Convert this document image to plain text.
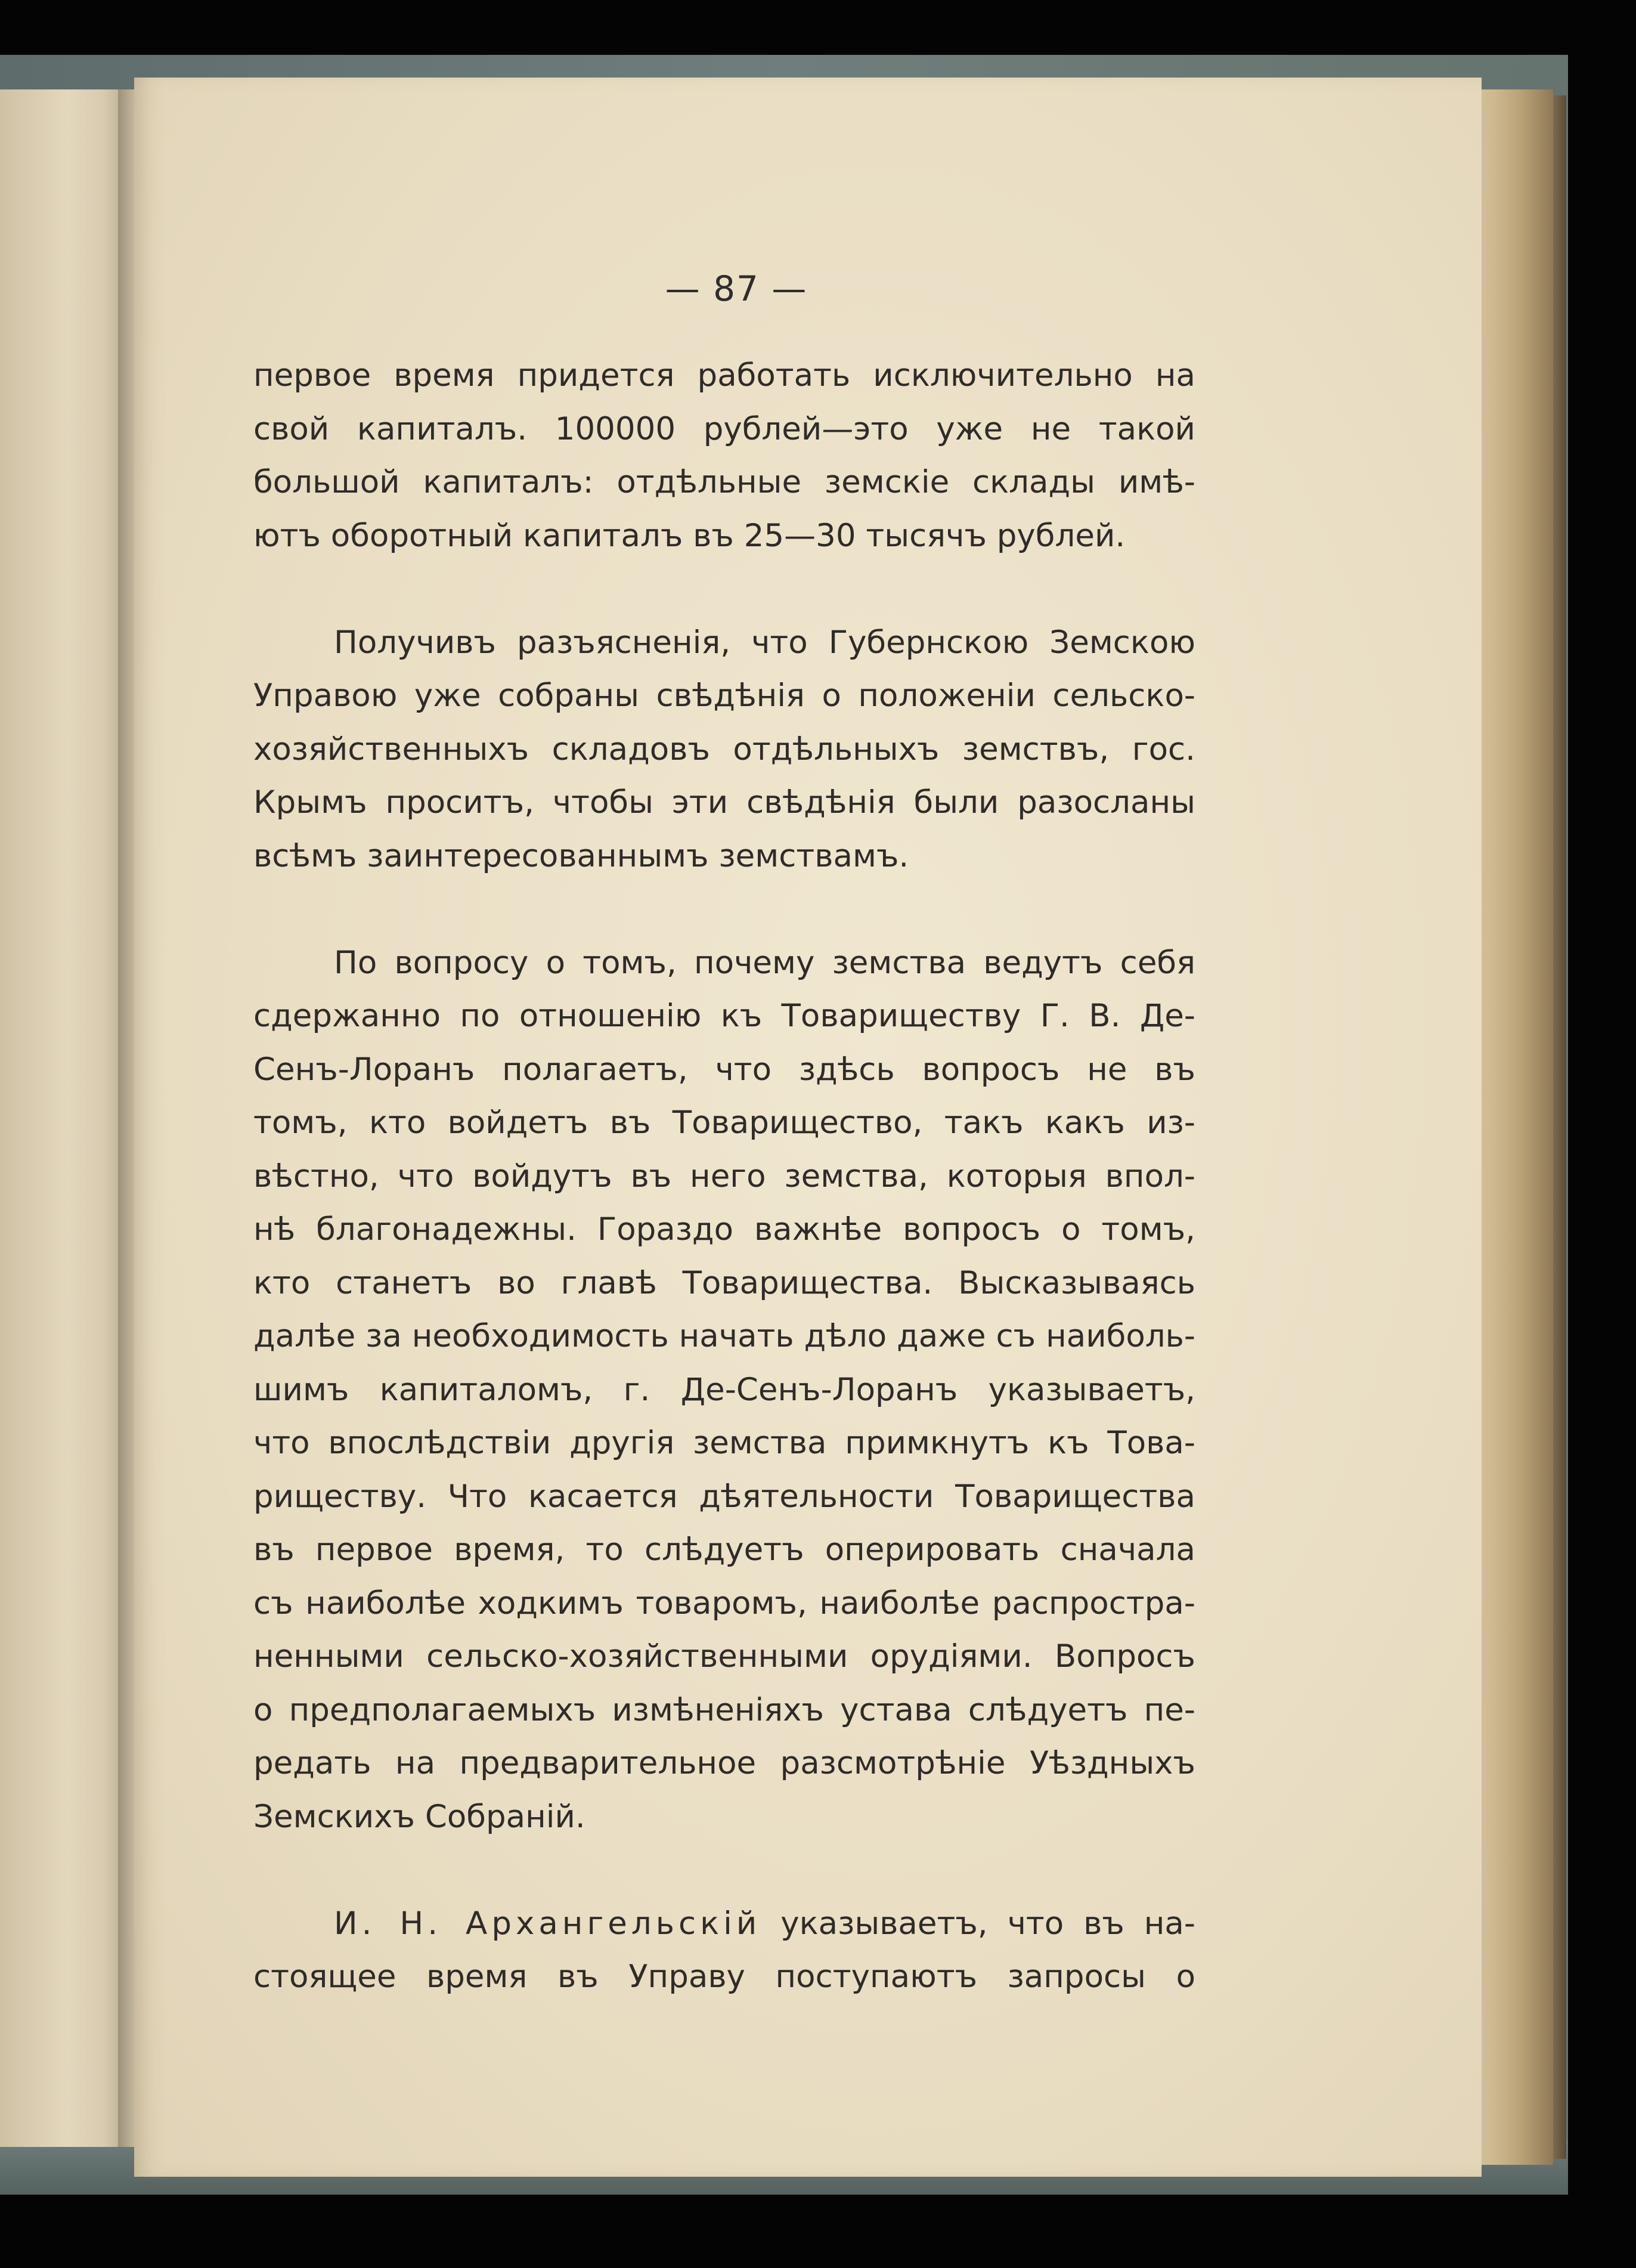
— 87 —
первое время придется работать исключительно на
свой капиталъ. 100000 рублей—это уже не такой
большой капиталъ: отдѣльные земскiе склады имѣ-
ютъ оборотный капиталъ въ 25—30 тысячъ рублей.
Получивъ разъясненiя, что Губернскою Земскою
Управою уже собраны свѣдѣнiя о положенiи сельско-
хозяйственныхъ складовъ отдѣльныхъ земствъ, гос.
Крымъ проситъ, чтобы эти свѣдѣнiя были разосланы
всѣмъ заинтересованнымъ земствамъ.
По вопросу о томъ, почему земства ведутъ себя
сдержанно по отношенiю къ Товариществу Г. В. Де-
Сенъ-Лоранъ полагаетъ, что здѣсь вопросъ не въ
томъ, кто войдетъ въ Товарищество, такъ какъ из-
вѣстно, что войдутъ въ него земства, которыя впол-
нѣ благонадежны. Гораздо важнѣе вопросъ о томъ,
кто станетъ во главѣ Товарищества. Высказываясь
далѣе за необходимость начать дѣло даже съ наиболь-
шимъ капиталомъ, г. Де-Сенъ-Лоранъ указываетъ,
что впослѣдствiи другiя земства примкнутъ къ Това-
риществу. Что касается дѣятельности Товарищества
въ первое время, то слѣдуетъ оперировать сначала
съ наиболѣе ходкимъ товаромъ, наиболѣе распростра-
ненными сельско-хозяйственными орудiями. Вопросъ
о предполагаемыхъ измѣненiяхъ устава слѣдуетъ пе-
редать на предварительное разсмотрѣнiе Уѣздныхъ
Земскихъ Собранiй.
И. Н. Архангельскiй указываетъ, что въ на-
стоящее время въ Управу поступаютъ запросы о
